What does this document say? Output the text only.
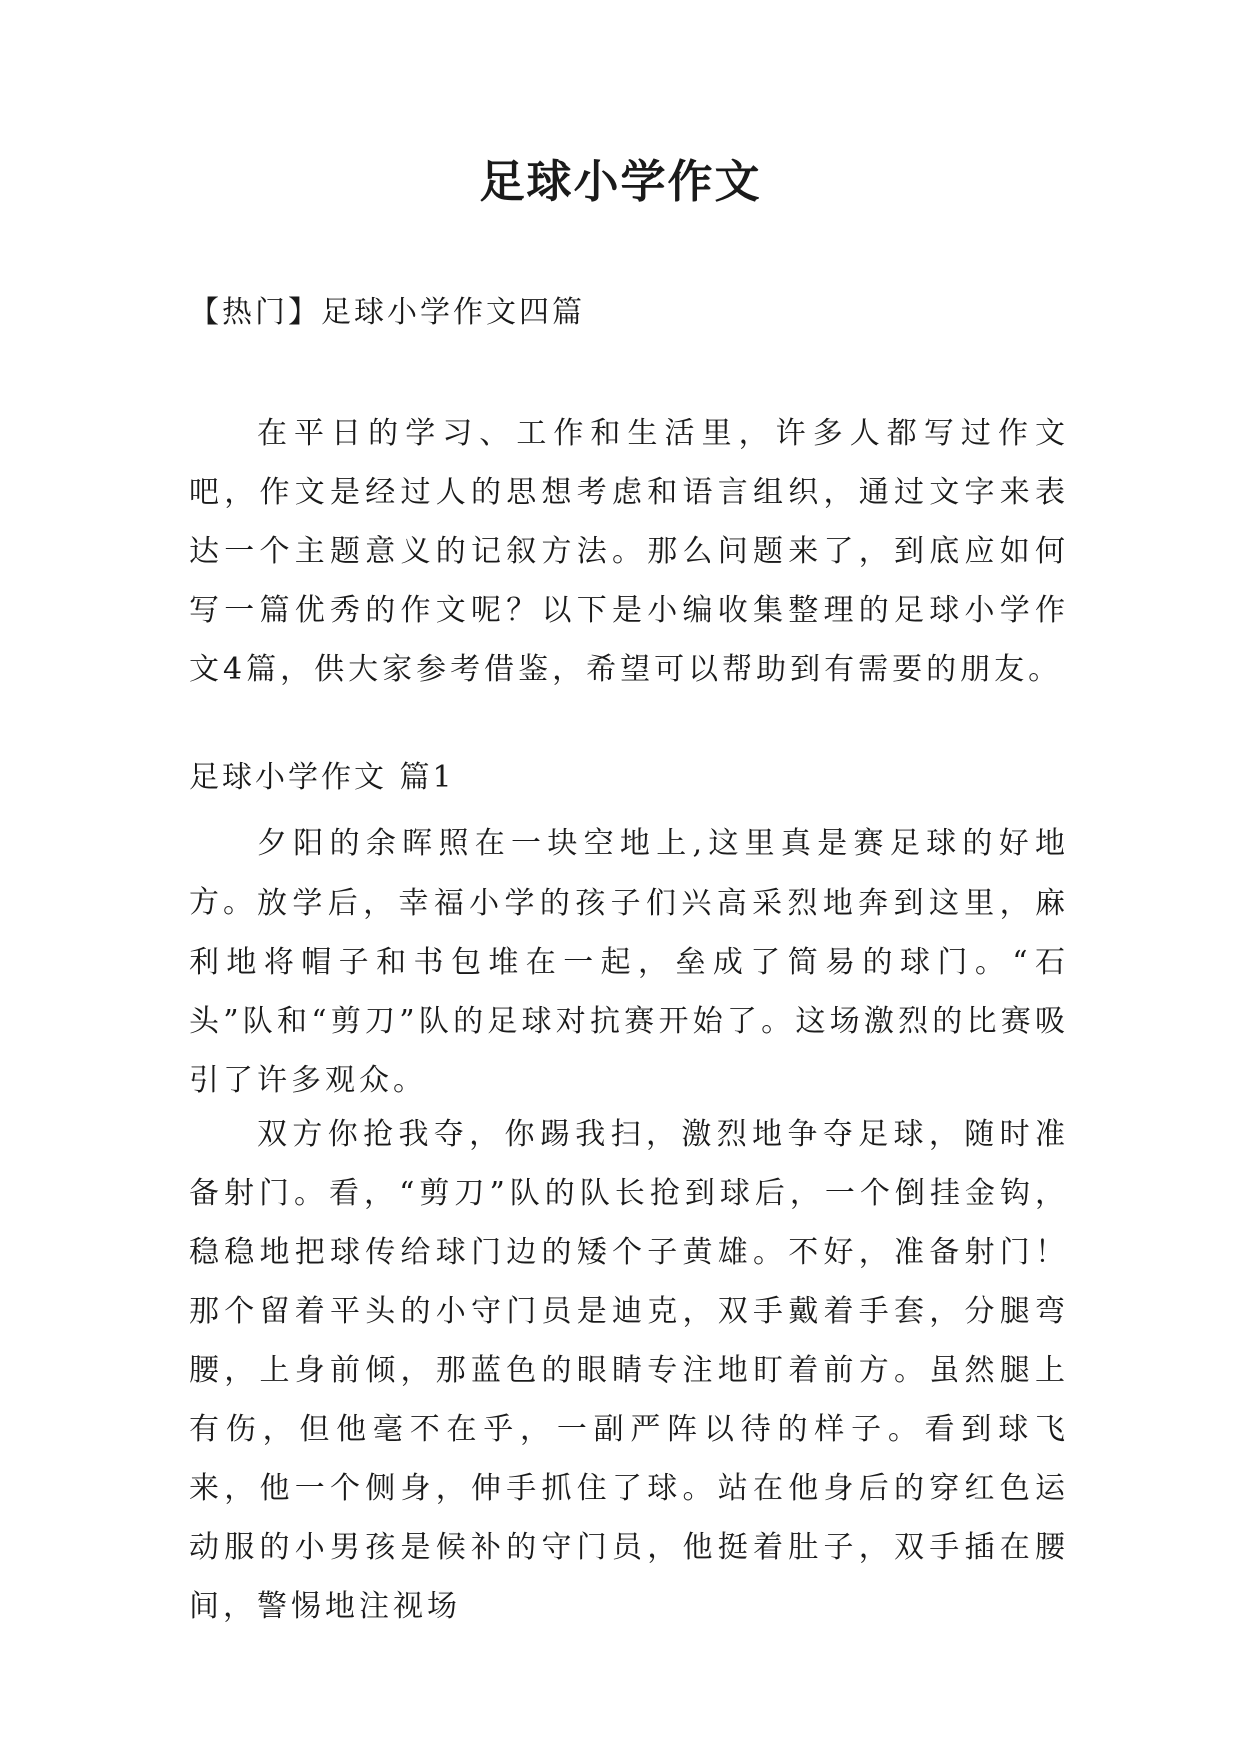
足球小学作文
【热门】足球小学作文四篇

在平日的学习、工作和生活里，许多人都写过作文吧，作文是经过人的思想考虑和语言组织，通过文字来表达一个主题意义的记叙方法。那么问题来了，到底应如何写一篇优秀的作文呢？以下是小编收集整理的足球小学作文4篇，供大家参考借鉴，希望可以帮助到有需要的朋友。

足球小学作文 篇1

夕阳的余晖照在一块空地上,这里真是赛足球的好地方。 放学后，幸福小学的孩子们兴高采烈地奔到这里，麻利地将帽子和书包堆在一起，垒成了简易的球门。“石头”队和“剪刀”队的足球对抗赛开始了。这场激烈的比赛吸引了许多观众。

双方你抢我夺，你踢我扫，激烈地争夺足球，随时准备射门。看，“剪刀”队的队长抢到球后，一个倒挂金钩，稳稳地把球传给球门边的矮个子黄雄。不好，准备射门！那个留着平头的小守门员是迪克，双手戴着手套，分腿弯腰，上身前倾，那蓝色的眼睛专注地盯着前方。虽然腿上有伤，但他毫不在乎，一副严阵以待的样子。看到球飞来，他一个侧身，伸手抓住了球。站在他身后的穿红色运动服的小男孩是候补的守门员，他挺着肚子，双手插在腰间，警惕地注视场
